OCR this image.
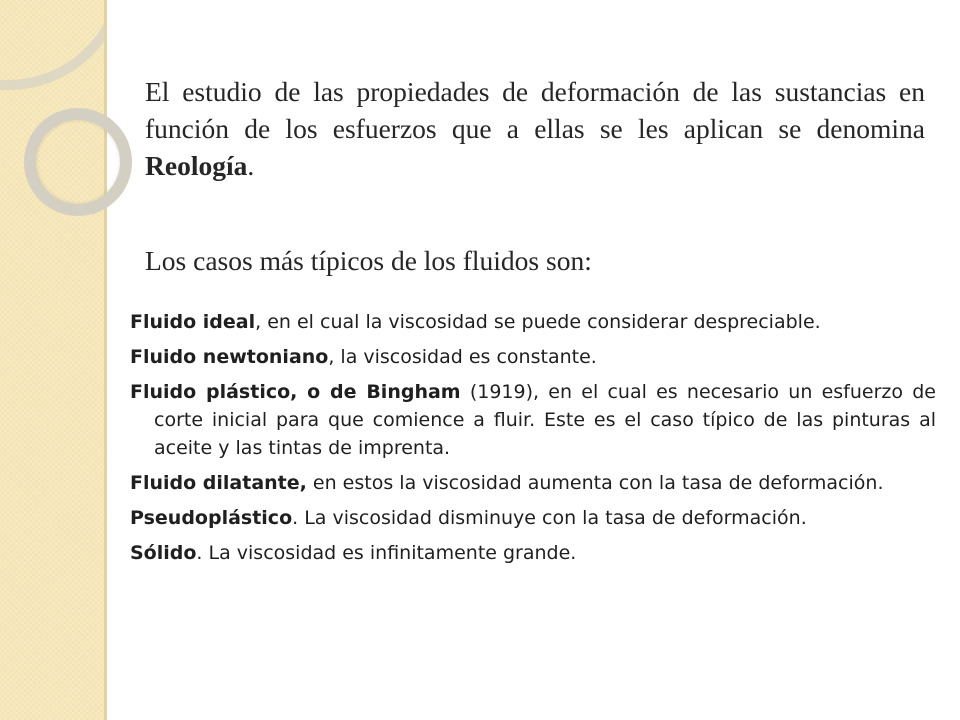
El estudio de las propiedades de deformación de las sustancias en función de los esfuerzos que a ellas se les aplican se denomina Reología.

Los casos más típicos de los fluidos son:

Fluido ideal, en el cual la viscosidad se puede considerar despreciable.
Fluido newtoniano, la viscosidad es constante.
Fluido plástico, o de Bingham (1919), en el cual es necesario un esfuerzo de corte inicial para que comience a fluir. Este es el caso típico de las pinturas al aceite y las tintas de imprenta.
Fluido dilatante, en estos la viscosidad aumenta con la tasa de deformación.
Pseudoplástico. La viscosidad disminuye con la tasa de deformación.
Sólido. La viscosidad es infinitamente grande.
